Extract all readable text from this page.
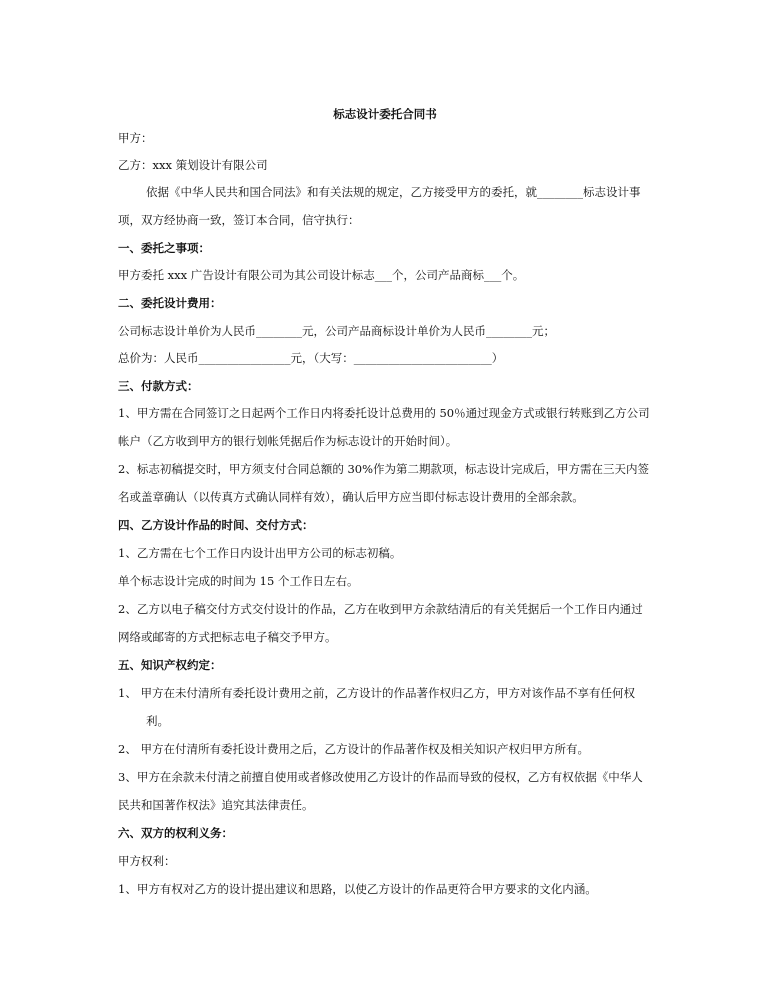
标志设计委托合同书
甲方：
乙方：xxx 策划设计有限公司
依据《中华人民共和国合同法》和有关法规的规定，乙方接受甲方的委托，就________标志设计事
项，双方经协商一致，签订本合同，信守执行：
一、委托之事项：
甲方委托 xxx 广告设计有限公司为其公司设计标志___个，公司产品商标___个。
二、委托设计费用：
公司标志设计单价为人民币________元，公司产品商标设计单价为人民币________元；
总价为：人民币________________元，（大写：________________________）
三、付款方式：
1、甲方需在合同签订之日起两个工作日内将委托设计总费用的 50％通过现金方式或银行转账到乙方公司
帐户（乙方收到甲方的银行划帐凭据后作为标志设计的开始时间）。
2、标志初稿提交时，甲方须支付合同总额的 30%作为第二期款项，标志设计完成后，甲方需在三天内签
名或盖章确认（以传真方式确认同样有效），确认后甲方应当即付标志设计费用的全部余款。
四、乙方设计作品的时间、交付方式：
1、乙方需在七个工作日内设计出甲方公司的标志初稿。
单个标志设计完成的时间为 15 个工作日左右。
2、乙方以电子稿交付方式交付设计的作品，乙方在收到甲方余款结清后的有关凭据后一个工作日内通过
网络或邮寄的方式把标志电子稿交予甲方。
五、知识产权约定：
1、 甲方在未付清所有委托设计费用之前，乙方设计的作品著作权归乙方，甲方对该作品不享有任何权
利。
2、 甲方在付清所有委托设计费用之后，乙方设计的作品著作权及相关知识产权归甲方所有。
3、甲方在余款未付清之前擅自使用或者修改使用乙方设计的作品而导致的侵权，乙方有权依据《中华人
民共和国著作权法》追究其法律责任。
六、双方的权利义务：
甲方权利：
1、甲方有权对乙方的设计提出建议和思路，以使乙方设计的作品更符合甲方要求的文化内涵。
